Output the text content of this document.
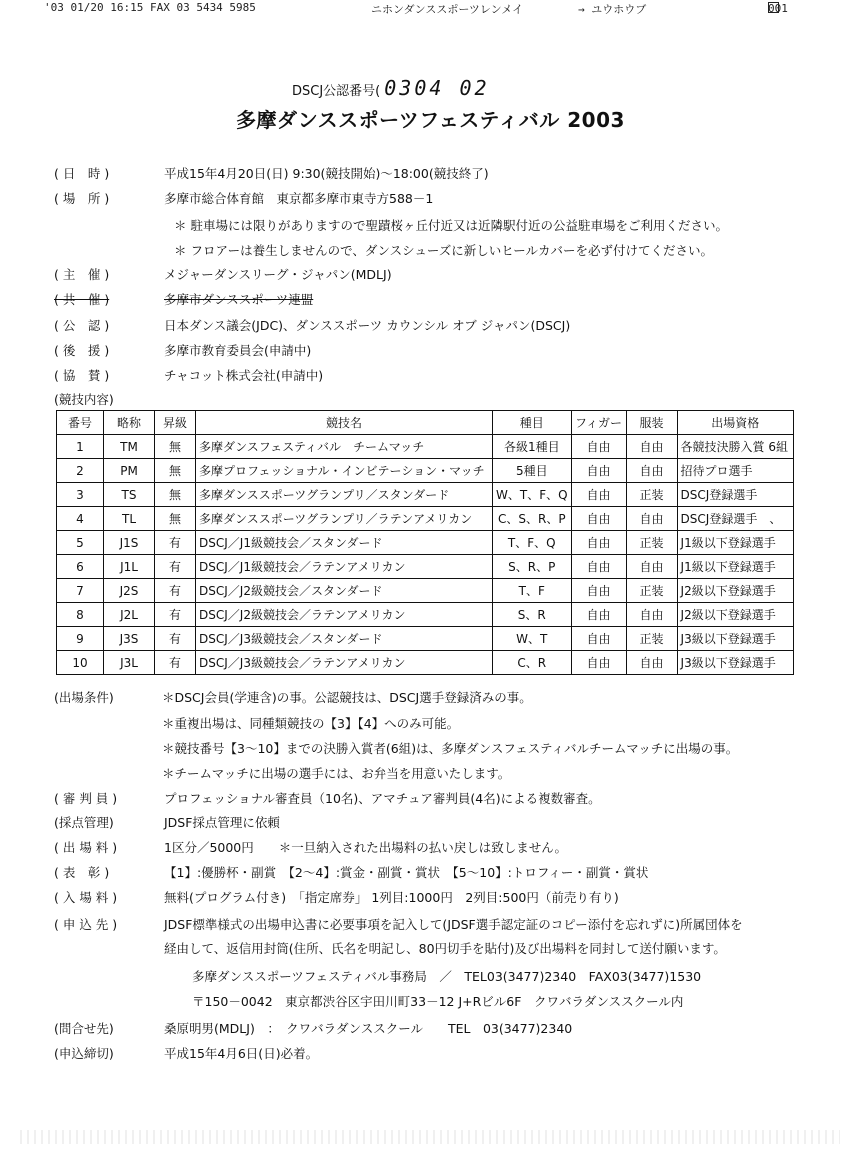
'03 01/20 16:15 FAX 03 5434 5985	ニホンダンススポーツレンメイ	→ ユウホウブ	001
DSCJ公認番号( 0304 02
多摩ダンススポーツフェスティバル 2003
( 日　時 )	平成15年4月20日(日) 9:30(競技開始)～18:00(競技終了)
( 場　所 )	多摩市総合体育館　東京都多摩市東寺方588－1
＊ 駐車場には限りがありますので聖蹟桜ヶ丘付近又は近隣駅付近の公益駐車場をご利用ください。
＊ フロアーは養生しませんので、ダンスシューズに新しいヒールカバーを必ず付けてください。
( 主　催 )	メジャーダンスリーグ・ジャパン(MDLJ)
( 共　催 )	多摩市ダンススポーツ連盟
( 公　認 )	日本ダンス議会(JDC)、ダンススポーツ カウンシル オブ ジャパン(DSCJ)
( 後　援 )	多摩市教育委員会(申請中)
( 協　賛 )	チャコット株式会社(申請中)
(競技内容)
番号	略称	昇級	競技名	種目	フィガー	服装	出場資格
1	TM	無	多摩ダンスフェスティバル　チームマッチ	各級1種目	自由	自由	各競技決勝入賞 6組
2	PM	無	多摩プロフェッショナル・インビテーション・マッチ	5種目	自由	自由	招待プロ選手
3	TS	無	多摩ダンススポーツグランプリ／スタンダード	W、T、F、Q	自由	正装	DSCJ登録選手
4	TL	無	多摩ダンススポーツグランプリ／ラテンアメリカン	C、S、R、P	自由	自由	DSCJ登録選手　、
5	J1S	有	DSCJ／J1級競技会／スタンダード	T、F、Q	自由	正装	J1級以下登録選手
6	J1L	有	DSCJ／J1級競技会／ラテンアメリカン	S、R、P	自由	自由	J1級以下登録選手
7	J2S	有	DSCJ／J2級競技会／スタンダード	T、F	自由	正装	J2級以下登録選手
8	J2L	有	DSCJ／J2級競技会／ラテンアメリカン	S、R	自由	自由	J2級以下登録選手
9	J3S	有	DSCJ／J3級競技会／スタンダード	W、T	自由	正装	J3級以下登録選手
10	J3L	有	DSCJ／J3級競技会／ラテンアメリカン	C、R	自由	自由	J3級以下登録選手
(出場条件)	＊DSCJ会員(学連含)の事。公認競技は、DSCJ選手登録済みの事。
＊重複出場は、同種類競技の【3】【4】へのみ可能。
＊競技番号【3～10】までの決勝入賞者(6組)は、多摩ダンスフェスティバルチームマッチに出場の事。
＊チームマッチに出場の選手には、お弁当を用意いたします。
( 審 判 員 )	プロフェッショナル審査員（10名)、アマチュア審判員(4名)による複数審査。
(採点管理)	JDSF採点管理に依頼
( 出 場 料 )	1区分／5000円　　＊一旦納入された出場料の払い戻しは致しません。
( 表　彰 )	【1】:優勝杯・副賞　【2～4】:賞金・副賞・賞状　【5～10】:トロフィー・副賞・賞状
( 入 場 料 )	無料(プログラム付き)　「指定席券」 1列目:1000円　2列目:500円（前売り有り)
( 申 込 先 )	JDSF標準様式の出場申込書に必要事項を記入して(JDSF選手認定証のコピー添付を忘れずに)所属団体を
経由して、返信用封筒(住所、氏名を明記し、80円切手を貼付)及び出場料を同封して送付願います。
多摩ダンススポーツフェスティバル事務局　／　TEL03(3477)2340　FAX03(3477)1530
〒150－0042　東京都渋谷区宇田川町33－12 J+Rビル6F　クワバラダンススクール内
(問合せ先)	桑原明男(MDLJ)　：　クワバラダンススクール　　TEL　03(3477)2340
(申込締切)	平成15年4月6日(日)必着。
